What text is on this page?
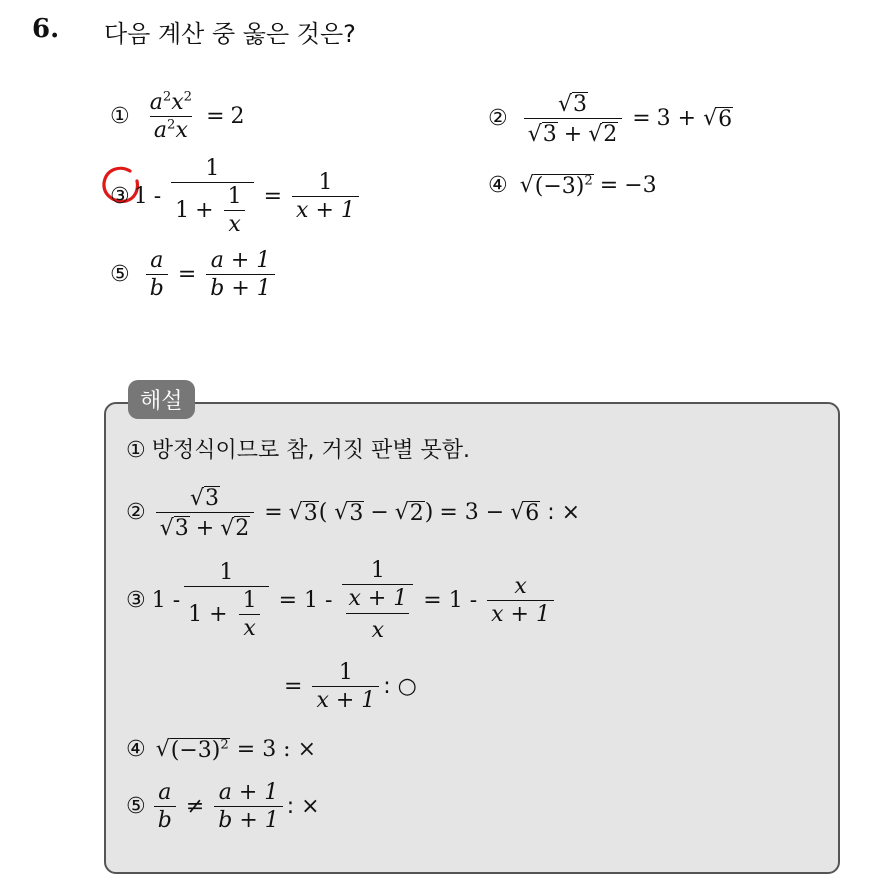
6. 다음 계산 중 옳은 것은?
① $\frac{a^2x^2}{a^2x} = 2$	② $\frac{√ 3}{√ 3 + √ 2} = 3$ + √ 6
③ $1 - \frac{1}{1 + \frac{1}{x}} = \frac{1}{x + 1}$	④ √ $(-3)^2 = -3$
⑤ $\frac{a}{b} = \frac{a + 1}{b + 1}$
해설
① 방정식이므로 참, 거짓 판별 못함.
② $\frac{√ 3}{√ 3 + √ 2}$ = √ 3 ( √ 3 − √ 2 ) = 3 − √ 6
: ×
③ 1 - 1
1 +
$\frac{1}{x} = 1 - 1$
x + 1
$x = 1 - \frac{x}{x + 1}$
= $\frac{1}{x + 1}$ : ○
④ √ $(-3)^2$
= 3 : ×
⑤ $\frac{a}{b} \ne \frac{a + 1}{b + 1}$ : ×
